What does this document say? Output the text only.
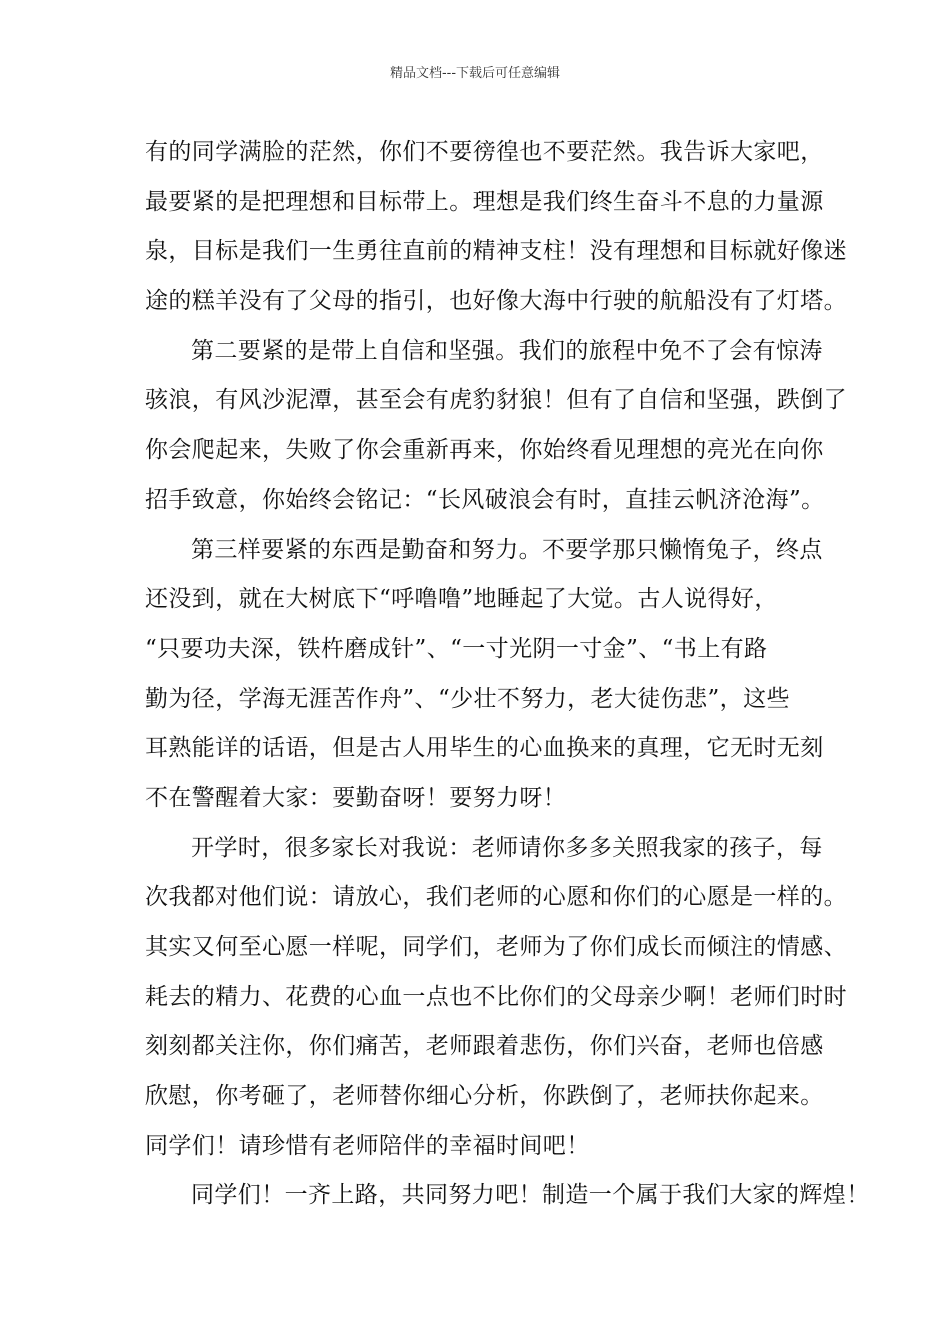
精品文档---下载后可任意编辑
有的同学满脸的茫然，你们不要徬徨也不要茫然。我告诉大家吧，
最要紧的是把理想和目标带上。理想是我们终生奋斗不息的力量源
泉，目标是我们一生勇往直前的精神支柱！没有理想和目标就好像迷
途的糕羊没有了父母的指引，也好像大海中行驶的航船没有了灯塔。
第二要紧的是带上自信和坚强。我们的旅程中免不了会有惊涛
骇浪，有风沙泥潭，甚至会有虎豹豺狼！但有了自信和坚强，跌倒了
你会爬起来，失败了你会重新再来，你始终看见理想的亮光在向你
招手致意，你始终会铭记：“长风破浪会有时，直挂云帆济沧海”。
第三样要紧的东西是勤奋和努力。不要学那只懒惰兔子，终点
还没到，就在大树底下“呼噜噜”地睡起了大觉。古人说得好，
“只要功夫深，铁杵磨成针”、“一寸光阴一寸金”、“书上有路
勤为径，学海无涯苦作舟”、“少壮不努力，老大徒伤悲”，这些
耳熟能详的话语，但是古人用毕生的心血换来的真理，它无时无刻
不在警醒着大家：要勤奋呀！要努力呀！
开学时，很多家长对我说：老师请你多多关照我家的孩子，每
次我都对他们说：请放心，我们老师的心愿和你们的心愿是一样的。
其实又何至心愿一样呢，同学们，老师为了你们成长而倾注的情感、
耗去的精力、花费的心血一点也不比你们的父母亲少啊！老师们时时
刻刻都关注你，你们痛苦，老师跟着悲伤，你们兴奋，老师也倍感
欣慰，你考砸了，老师替你细心分析，你跌倒了，老师扶你起来。
同学们！请珍惜有老师陪伴的幸福时间吧！
同学们！一齐上路，共同努力吧！制造一个属于我们大家的辉煌！
